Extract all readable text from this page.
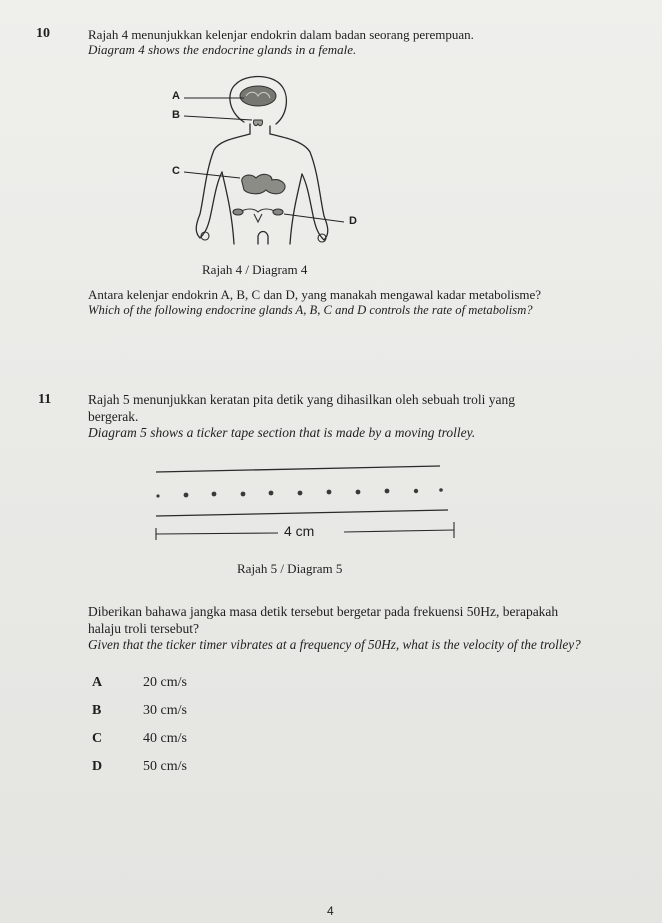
10	Rajah 4 menunjukkan kelenjar endokrin dalam badan seorang perempuan.
Diagram 4 shows the endocrine glands in a female.
A
B
C
D
Rajah 4 / Diagram 4
Antara kelenjar endokrin A, B, C dan D, yang manakah mengawal kadar metabolisme?
Which of the following endocrine glands A, B, C and D controls the rate of metabolism?
11	Rajah 5 menunjukkan keratan pita detik yang dihasilkan oleh sebuah troli yang
bergerak.
Diagram 5 shows a ticker tape section that is made by a moving trolley.
4 cm
Rajah 5 / Diagram 5
Diberikan bahawa jangka masa detik tersebut bergetar pada frekuensi 50Hz, berapakah
halaju troli tersebut?
Given that the ticker timer vibrates at a frequency of 50Hz, what is the velocity of the trolley?
A	20 cm/s
B	30 cm/s
C	40 cm/s
D	50 cm/s
4
